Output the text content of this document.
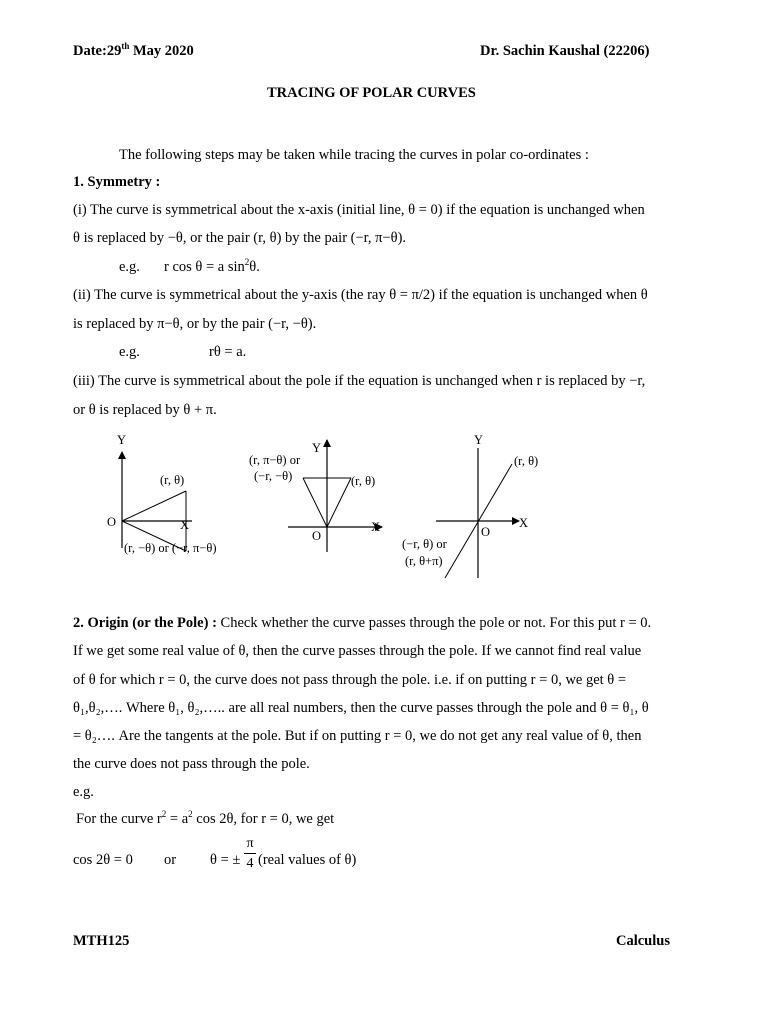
Date:29th May 2020	Dr. Sachin Kaushal (22206)
TRACING OF POLAR CURVES
The following steps may be taken while tracing the curves in polar co-ordinates :
1. Symmetry :
(i) The curve is symmetrical about the x-axis (initial line, θ = 0) if the equation is unchanged when
θ is replaced by −θ, or the pair (r, θ) by the pair (−r, π−θ).
e.g. r cos θ = a $\sin^2\theta$.
(ii) The curve is symmetrical about the y-axis (the ray θ = π/2) if the equation is unchanged when θ
is replaced by π−θ, or by the pair (−r, −θ).
e.g.	rθ = a.
(iii) The curve is symmetrical about the pole if the equation is unchanged when r is replaced by −r,
or θ is replaced by θ + π.
Y
(r, θ)
O	X
(r, −θ) or (−r, π−θ)
Y
(r, π−θ) or
(−r, −θ)	(r, θ)
X
O
Y
(r, θ)
X
O
(−r, θ) or
(r, θ+π)
2. Origin (or the Pole) : Check whether the curve passes through the pole or not. For this put r = 0.
If we get some real value of θ, then the curve passes through the pole. If we cannot find real value
of θ for which r = 0, the curve does not pass through the pole. i.e. if on putting r = 0, we get θ =
θ₁,θ₂,…. Where θ₁, θ₂,….. are all real numbers, then the curve passes through the pole and θ = θ₁, θ
= θ₂…. Are the tangents at the pole. But if on putting r = 0, we do not get any real value of θ, then
the curve does not pass through the pole.
e.g.
For the curve $r^2 = a^2$ cos 2θ, for r = 0, we get
cos 2θ = 0 or θ = ±
π
4 (real values of θ)
MTH125	Calculus
